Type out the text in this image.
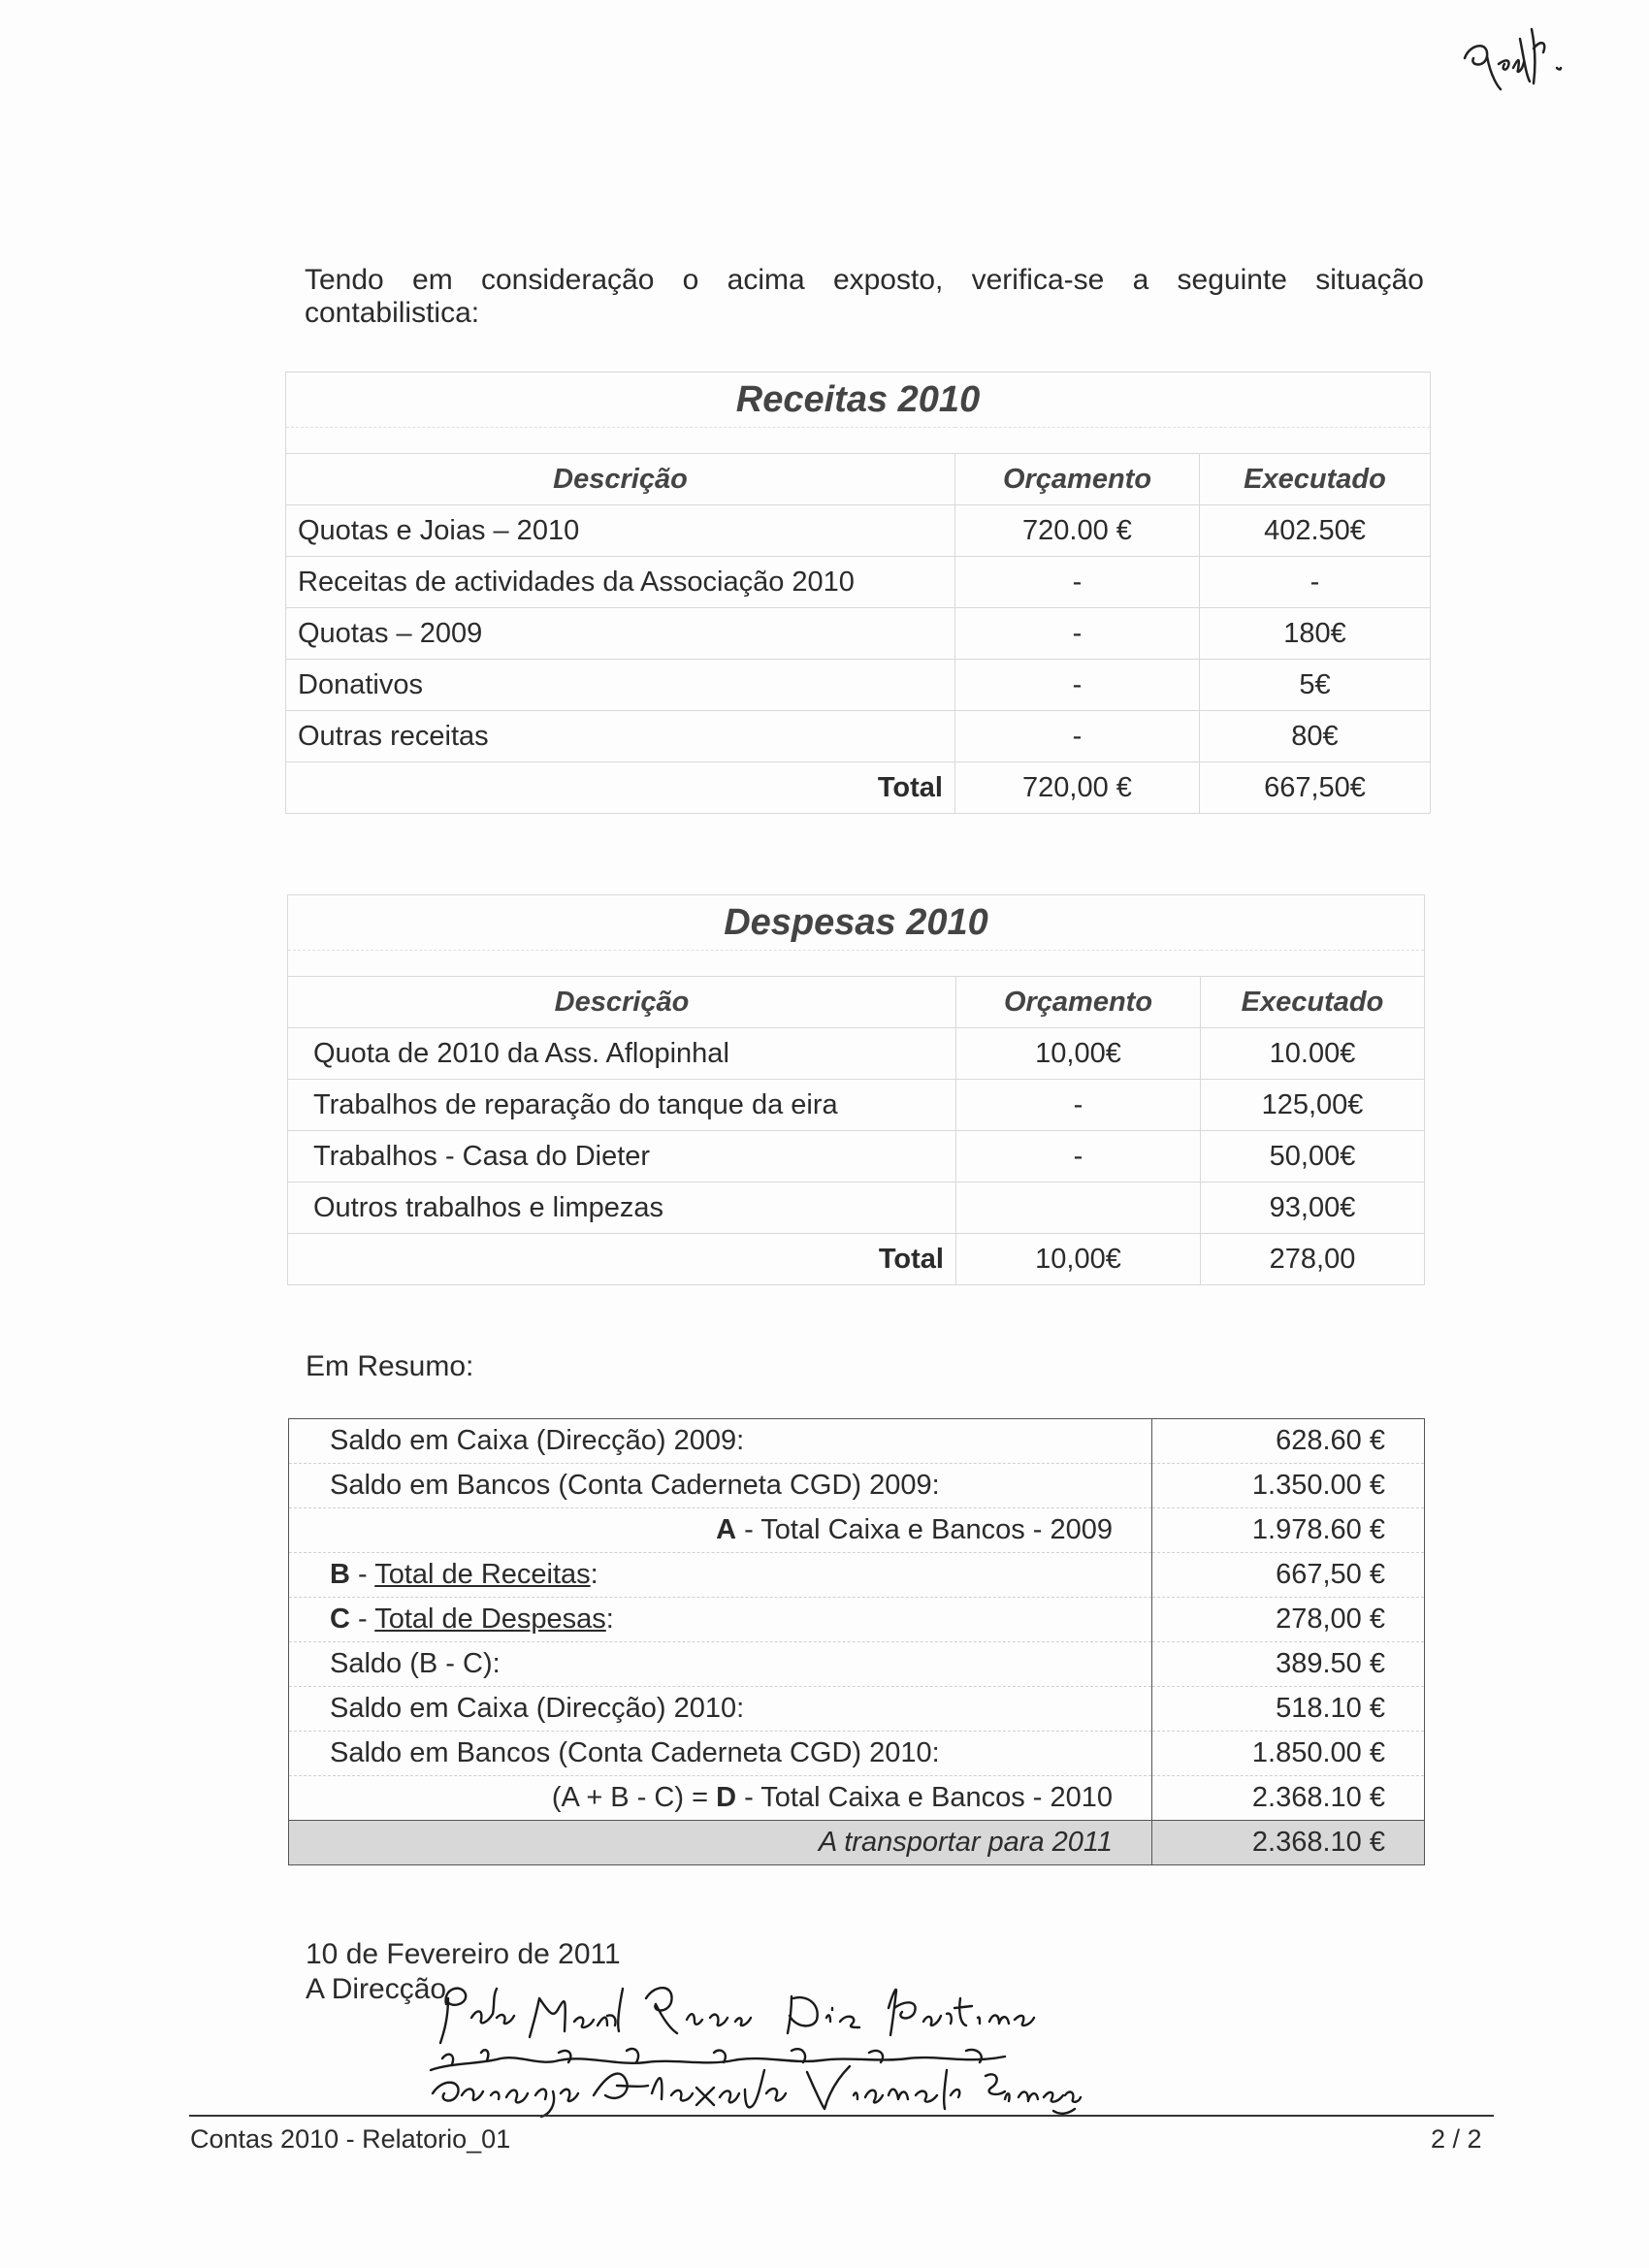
Tendo em consideração o acima exposto, verifica-se a seguinte situação
contabilistica:
Receitas 2010		

Descrição	Orçamento	Executado
Quotas e Joias – 2010	720.00 €	402.50€
Receitas de actividades da Associação 2010	-	-
Quotas – 2009	-	180€
Donativos	-	5€
Outras receitas	-	80€
Total	720,00 €	667,50€
Despesas 2010		

Descrição	Orçamento	Executado
Quota de 2010 da Ass. Aflopinhal	10,00€	10.00€
Trabalhos de reparação do tanque da eira	-	125,00€
Trabalhos - Casa do Dieter	-	50,00€
Outros trabalhos e limpezas		93,00€
Total	10,00€	278,00
Em Resumo:
Saldo em Caixa (Direcção) 2009:	628.60 €
Saldo em Bancos (Conta Caderneta CGD) 2009:	1.350.00 €
A - Total Caixa e Bancos - 2009	1.978.60 €
B - Total de Receitas:	667,50 €
C - Total de Despesas:	278,00 €
Saldo (B - C):	389.50 €
Saldo em Caixa (Direcção) 2010:	518.10 €
Saldo em Bancos (Conta Caderneta CGD) 2010:	1.850.00 €
(A + B - C) = D - Total Caixa e Bancos - 2010	2.368.10 €
A transportar para 2011	2.368.10 €
10 de Fevereiro de 2011
A Direcção
Contas 2010 - Relatorio_01	2 / 2
